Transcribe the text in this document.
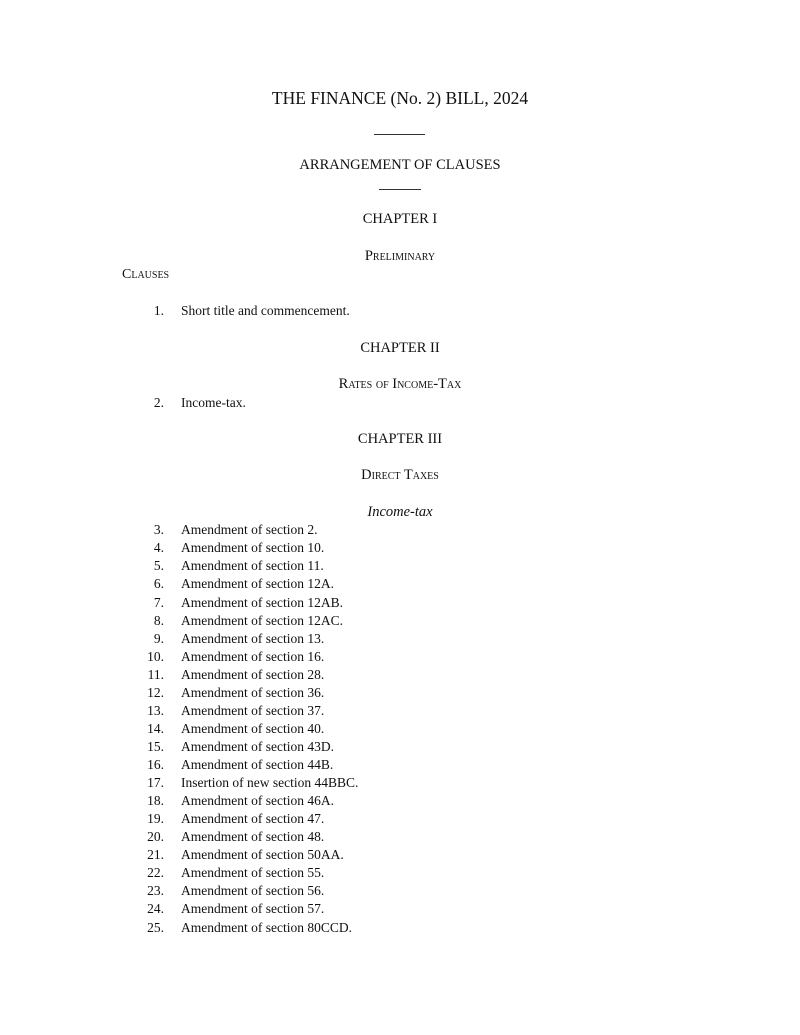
THE FINANCE (No. 2) BILL, 2024
ARRANGEMENT OF CLAUSES
CHAPTER I
Preliminary
Clauses
1. Short title and commencement.
CHAPTER II
Rates of Income-Tax
2. Income-tax.
CHAPTER III
Direct Taxes
Income-tax
3. Amendment of section 2.
4. Amendment of section 10.
5. Amendment of section 11.
6. Amendment of section 12A.
7. Amendment of section 12AB.
8. Amendment of section 12AC.
9. Amendment of section 13.
10. Amendment of section 16.
11. Amendment of section 28.
12. Amendment of section 36.
13. Amendment of section 37.
14. Amendment of section 40.
15. Amendment of section 43D.
16. Amendment of section 44B.
17. Insertion of new section 44BBC.
18. Amendment of section 46A.
19. Amendment of section 47.
20. Amendment of section 48.
21. Amendment of section 50AA.
22. Amendment of section 55.
23. Amendment of section 56.
24. Amendment of section 57.
25. Amendment of section 80CCD.
